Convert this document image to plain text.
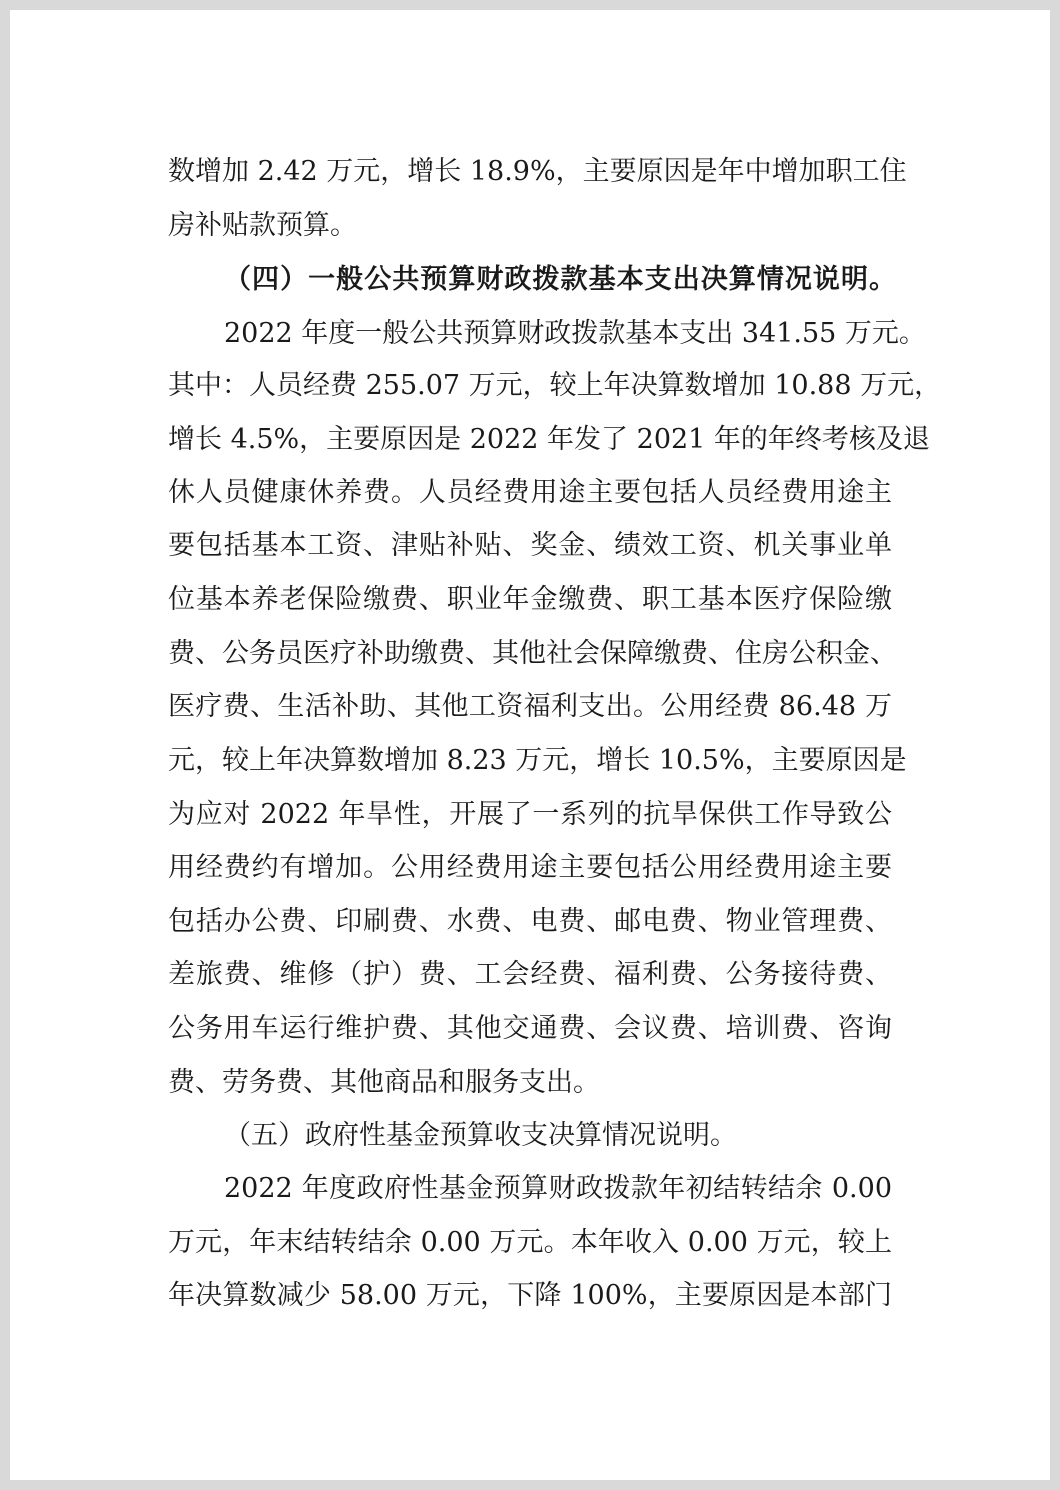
数增加 2.42 万元，增长 18.9%，主要原因是年中增加职工住
房补贴款预算。
（四）一般公共预算财政拨款基本支出决算情况说明。
2022 年度一般公共预算财政拨款基本支出 341.55 万元。
其中：人员经费 255.07 万元，较上年决算数增加 10.88 万元，
增长 4.5%，主要原因是 2022 年发了 2021 年的年终考核及退
休人员健康休养费。人员经费用途主要包括人员经费用途主
要包括基本工资、津贴补贴、奖金、绩效工资、机关事业单
位基本养老保险缴费、职业年金缴费、职工基本医疗保险缴
费、公务员医疗补助缴费、其他社会保障缴费、住房公积金、
医疗费、生活补助、其他工资福利支出。公用经费 86.48 万
元，较上年决算数增加 8.23 万元，增长 10.5%，主要原因是
为应对 2022 年旱性，开展了一系列的抗旱保供工作导致公
用经费约有增加。公用经费用途主要包括公用经费用途主要
包括办公费、印刷费、水费、电费、邮电费、物业管理费、
差旅费、维修（护）费、工会经费、福利费、公务接待费、
公务用车运行维护费、其他交通费、会议费、培训费、咨询
费、劳务费、其他商品和服务支出。
（五）政府性基金预算收支决算情况说明。
2022 年度政府性基金预算财政拨款年初结转结余 0.00
万元，年末结转结余 0.00 万元。本年收入 0.00 万元，较上
年决算数减少 58.00 万元，下降 100%，主要原因是本部门
